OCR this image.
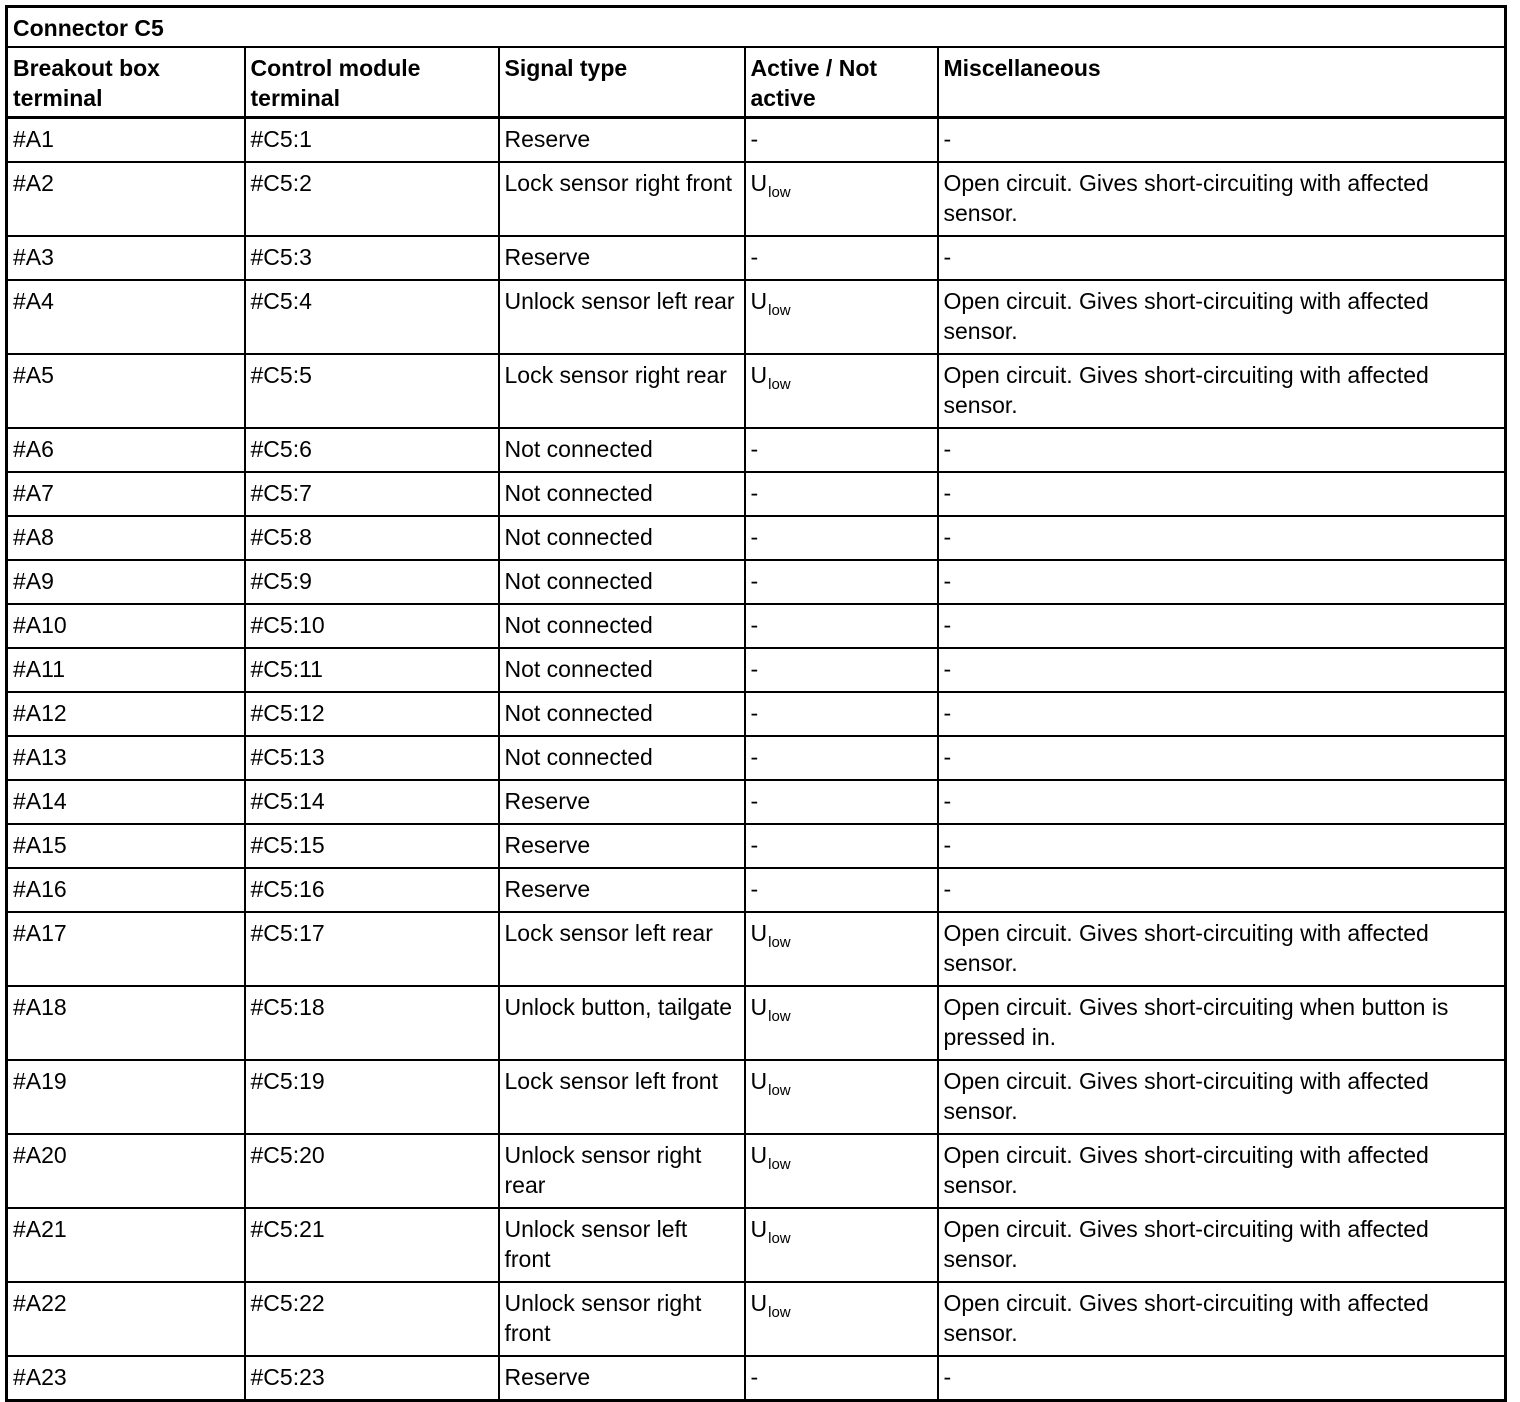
Connector C5				
Breakout box terminal	Control module terminal	Signal type	Active / Not active	Miscellaneous
#A1	#C5:1	Reserve	-	-
#A2	#C5:2	Lock sensor right front	$U_{low}$	Open circuit. Gives short-circuiting with affected sensor.
#A3	#C5:3	Reserve	-	-
#A4	#C5:4	Unlock sensor left rear	$U_{low}$	Open circuit. Gives short-circuiting with affected sensor.
#A5	#C5:5	Lock sensor right rear	$U_{low}$	Open circuit. Gives short-circuiting with affected sensor.
#A6	#C5:6	Not connected	-	-
#A7	#C5:7	Not connected	-	-
#A8	#C5:8	Not connected	-	-
#A9	#C5:9	Not connected	-	-
#A10	#C5:10	Not connected	-	-
#A11	#C5:11	Not connected	-	-
#A12	#C5:12	Not connected	-	-
#A13	#C5:13	Not connected	-	-
#A14	#C5:14	Reserve	-	-
#A15	#C5:15	Reserve	-	-
#A16	#C5:16	Reserve	-	-
#A17	#C5:17	Lock sensor left rear	$U_{low}$	Open circuit. Gives short-circuiting with affected sensor.
#A18	#C5:18	Unlock button, tailgate	$U_{low}$	Open circuit. Gives short-circuiting when button is pressed in.
#A19	#C5:19	Lock sensor left front	$U_{low}$	Open circuit. Gives short-circuiting with affected sensor.
#A20	#C5:20	Unlock sensor right rear	$U_{low}$	Open circuit. Gives short-circuiting with affected sensor.
#A21	#C5:21	Unlock sensor left front	$U_{low}$	Open circuit. Gives short-circuiting with affected sensor.
#A22	#C5:22	Unlock sensor right front	$U_{low}$	Open circuit. Gives short-circuiting with affected sensor.
#A23	#C5:23	Reserve	-	-
